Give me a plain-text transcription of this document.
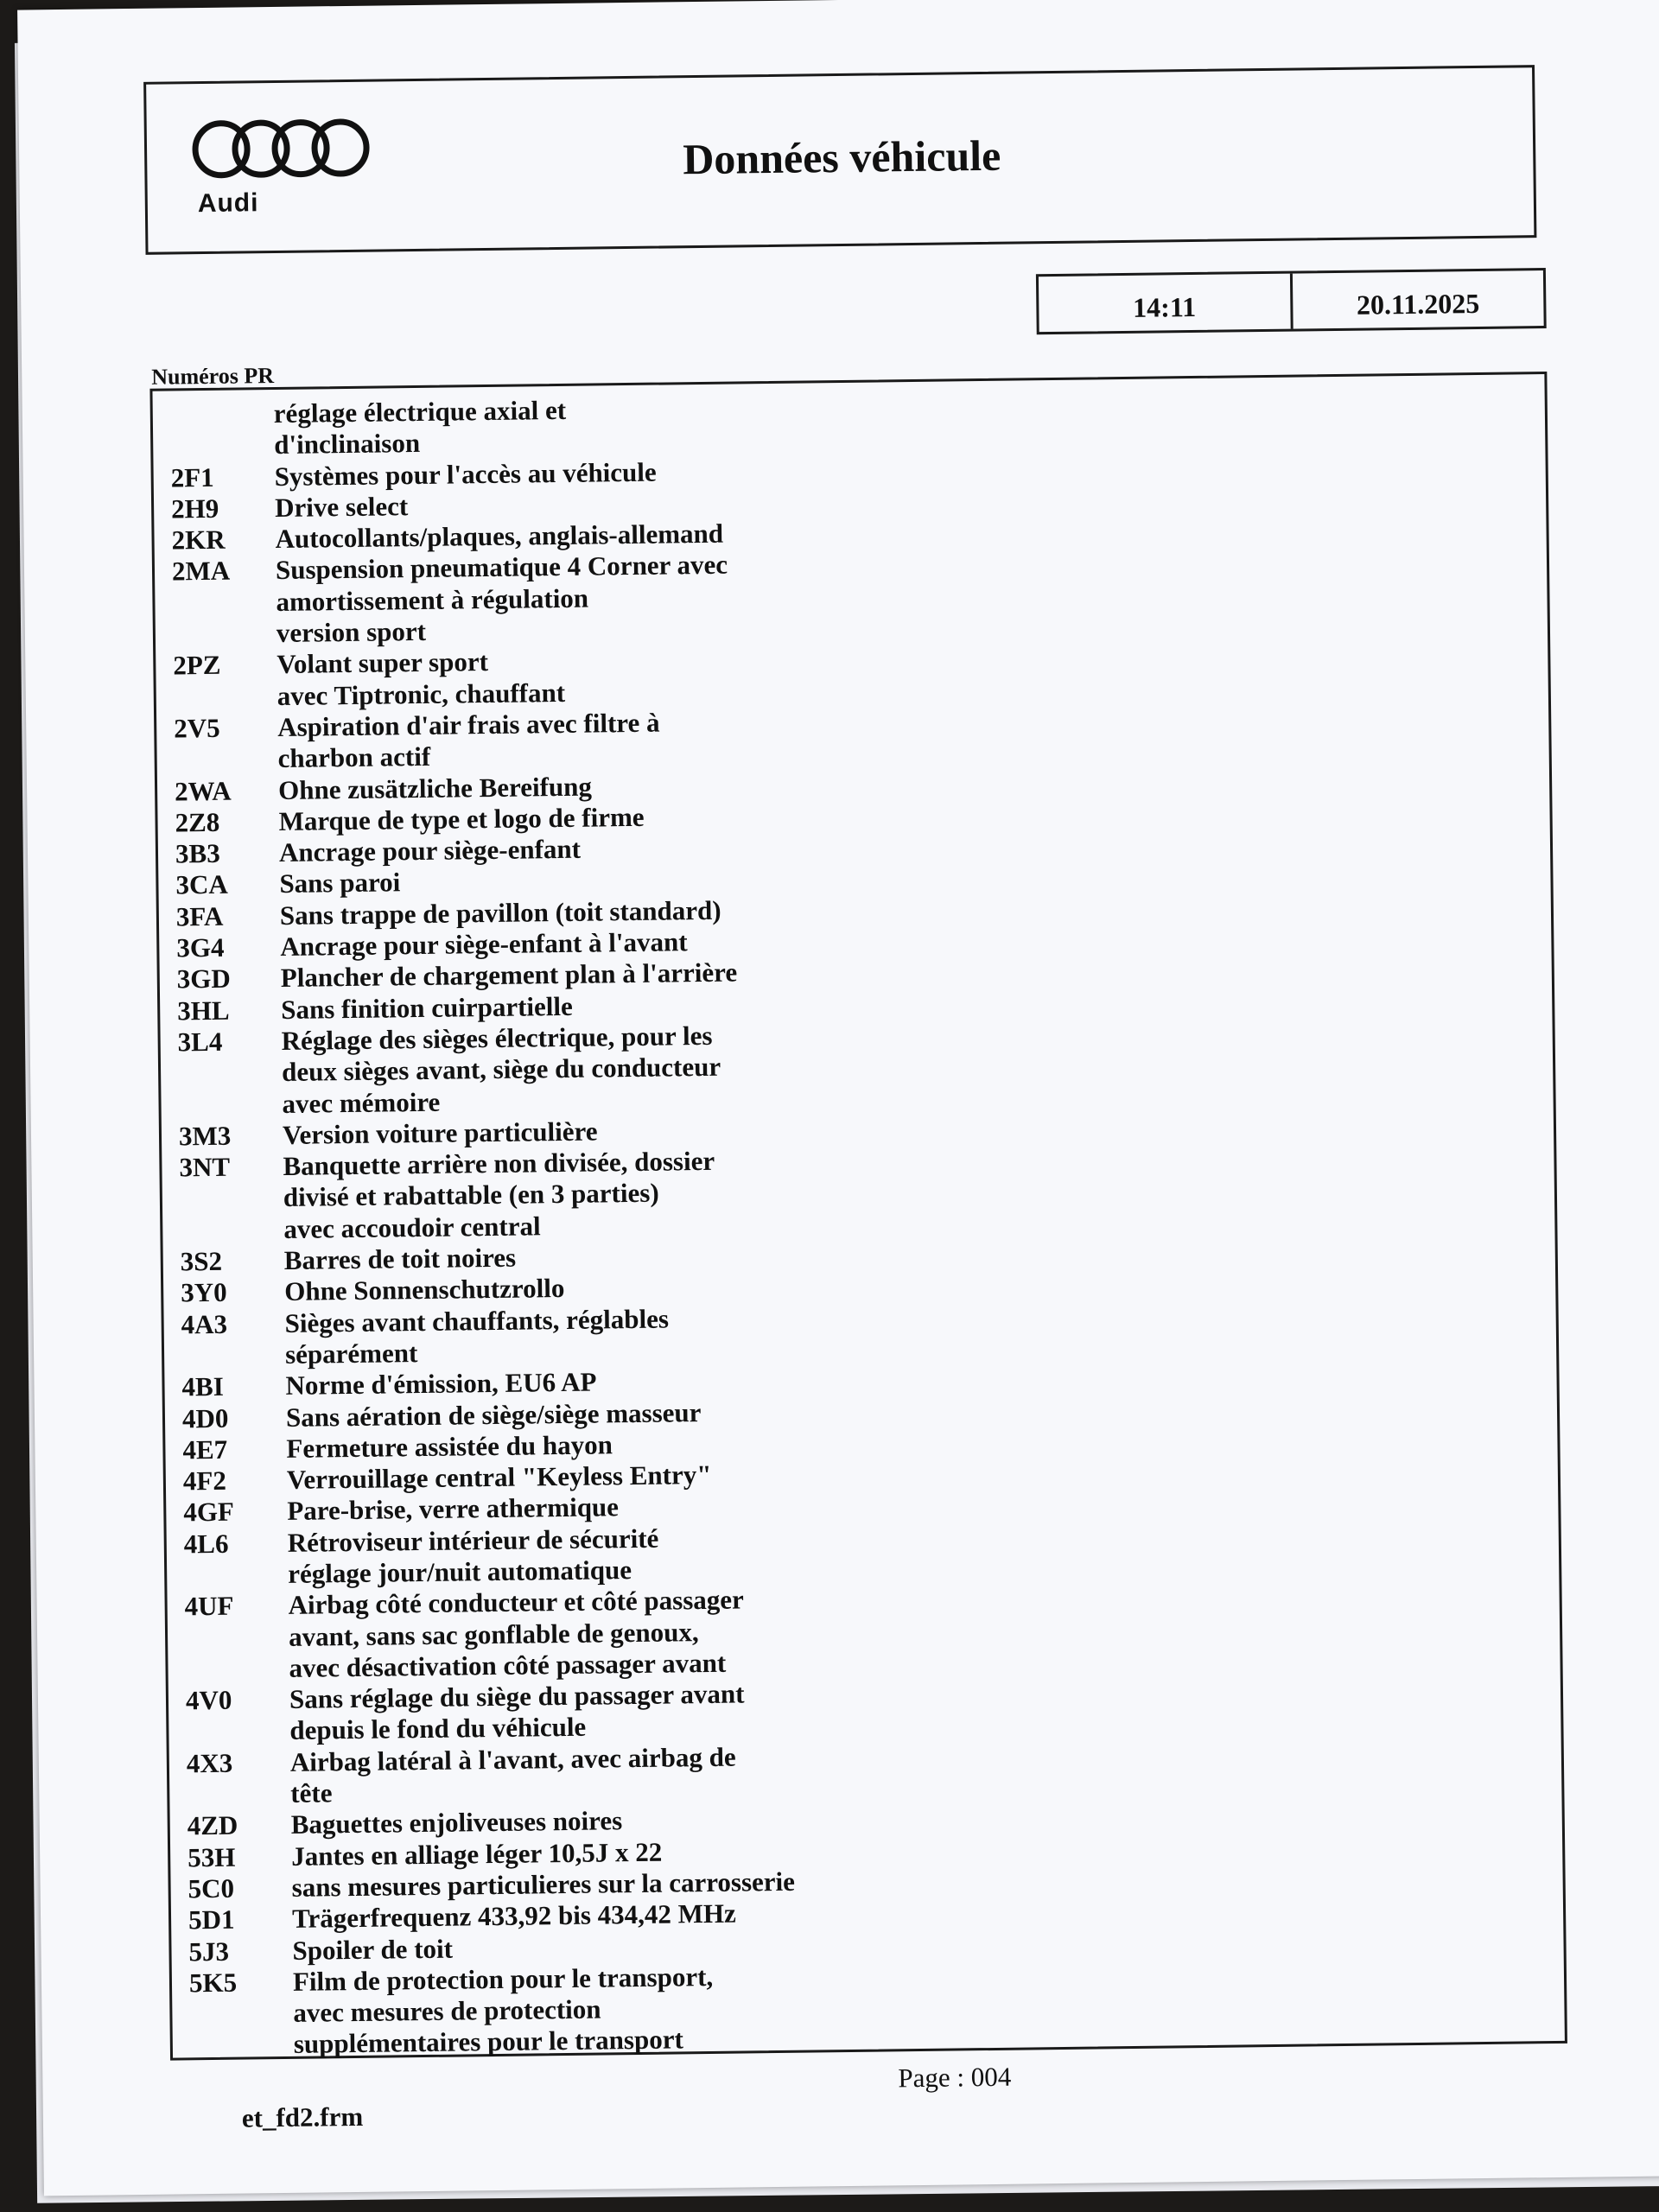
Audi
Données véhicule
14:11	20.11.2025
Numéros PR
réglage électrique axial et
d'inclinaison
2F1	Systèmes pour l'accès au véhicule
2H9	Drive select
2KR	Autocollants/plaques, anglais-allemand
2MA	Suspension pneumatique 4 Corner avec
amortissement à régulation
version sport
2PZ	Volant super sport
avec Tiptronic, chauffant
2V5	Aspiration d'air frais avec filtre à
charbon actif
2WA	Ohne zusätzliche Bereifung
2Z8	Marque de type et logo de firme
3B3	Ancrage pour siège-enfant
3CA	Sans paroi
3FA	Sans trappe de pavillon (toit standard)
3G4	Ancrage pour siège-enfant à l'avant
3GD	Plancher de chargement plan à l'arrière
3HL	Sans finition cuirpartielle
3L4	Réglage des sièges électrique, pour les
deux sièges avant, siège du conducteur
avec mémoire
3M3	Version voiture particulière
3NT	Banquette arrière non divisée, dossier
divisé et rabattable (en 3 parties)
avec accoudoir central
3S2	Barres de toit noires
3Y0	Ohne Sonnenschutzrollo
4A3	Sièges avant chauffants, réglables
séparément
4BI	Norme d'émission, EU6 AP
4D0	Sans aération de siège/siège masseur
4E7	Fermeture assistée du hayon
4F2	Verrouillage central "Keyless Entry"
4GF	Pare-brise, verre athermique
4L6	Rétroviseur intérieur de sécurité
réglage jour/nuit automatique
4UF	Airbag côté conducteur et côté passager
avant, sans sac gonflable de genoux,
avec désactivation côté passager avant
4V0	Sans réglage du siège du passager avant
depuis le fond du véhicule
4X3	Airbag latéral à l'avant, avec airbag de
tête
4ZD	Baguettes enjoliveuses noires
53H	Jantes en alliage léger 10,5J x 22
5C0	sans mesures particulieres sur la carrosserie
5D1	Trägerfrequenz 433,92 bis 434,42 MHz
5J3	Spoiler de toit
5K5	Film de protection pour le transport,
avec mesures de protection
supplémentaires pour le transport
Page : 004
et_fd2.frm
